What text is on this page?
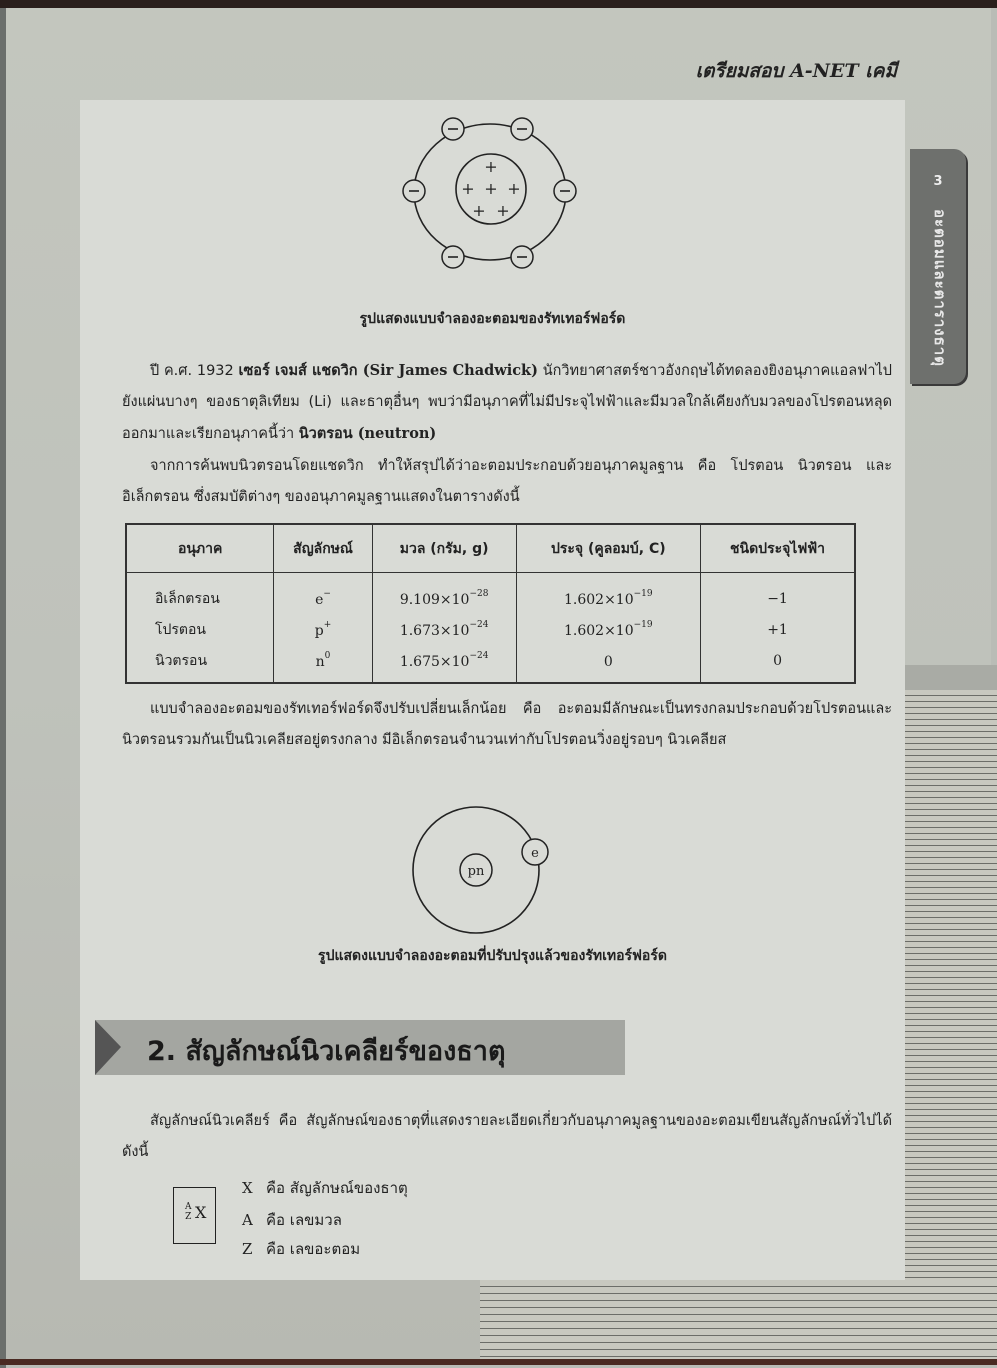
เตรียมสอบ A-NET เคมี
3
อะตอมและตารางธาตุ
+
+ + +
+ +
รูปแสดงแบบจำลองอะตอมของรัทเทอร์ฟอร์ด
ปี ค.ศ. 1932 เซอร์ เจมส์ แชดวิก (Sir James Chadwick) นักวิทยาศาสตร์ชาวอังกฤษได้ทดลองยิงอนุภาคแอลฟาไปยังแผ่นบางๆ ของธาตุลิเทียม (Li) และธาตุอื่นๆ พบว่ามีอนุภาคที่ไม่มีประจุไฟฟ้าและมีมวลใกล้เคียงกับมวลของโปรตอนหลุดออกมาและเรียกอนุภาคนี้ว่า นิวตรอน (neutron)
จากการค้นพบนิวตรอนโดยแชดวิก ทำให้สรุปได้ว่าอะตอมประกอบด้วยอนุภาคมูลฐาน คือ โปรตอน นิวตรอน และอิเล็กตรอน ซึ่งสมบัติต่างๆ ของอนุภาคมูลฐานแสดงในตารางดังนี้
อนุภาค	สัญลักษณ์	มวล (กรัม, g)	ประจุ (คูลอมบ์, C)	ชนิดประจุไฟฟ้า
อิเล็กตรอน	e−	$9.109\times 10^{-28}$	$1.602\times 10^{-19}$	−1
โปรตอน	p+	$1.673\times 10^{-24}$	$1.602\times 10^{-19}$	+1
นิวตรอน	$n^0$	$1.675\times 10^{-24}$	0	0
แบบจำลองอะตอมของรัทเทอร์ฟอร์ดจึงปรับเปลี่ยนเล็กน้อย คือ อะตอมมีลักษณะเป็นทรงกลมประกอบด้วยโปรตอนและนิวตรอนรวมกันเป็นนิวเคลียสอยู่ตรงกลาง มีอิเล็กตรอนจำนวนเท่ากับโปรตอนวิ่งอยู่รอบๆ นิวเคลียส
pn
e
รูปแสดงแบบจำลองอะตอมที่ปรับปรุงแล้วของรัทเทอร์ฟอร์ด
2. สัญลักษณ์นิวเคลียร์ของธาตุ
สัญลักษณ์นิวเคลียร์ คือ สัญลักษณ์ของธาตุที่แสดงรายละเอียดเกี่ยวกับอนุภาคมูลฐานของอะตอมเขียนสัญลักษณ์ทั่วไปได้ดังนี้
A
Z X
X คือ สัญลักษณ์ของธาตุ
A คือ เลขมวล
Z คือ เลขอะตอม
